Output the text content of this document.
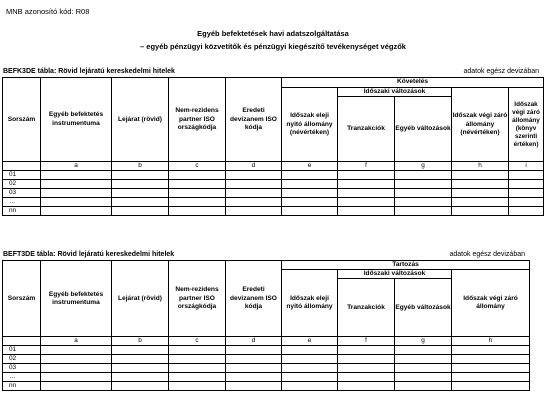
MNB azonosító kód: R08
Egyéb befektetések havi adatszolgáltatása
– egyéb pénzügyi közvetítők és pénzügyi kiegészítő tevékenységet végzők
BEFK3DE tábla: Rövid lejáratú kereskedelmi hitelek	adatok egész devizában
Sorszám	Egyéb befektetés instrumentuma	Lejárat (rövid)	Nem-rezidens partner ISO országkódja	Eredeti devizanem ISO kódja	Követelés				
					Időszak eleji nyitó állomány (névértéken)	Időszaki változások		Időszak végi záró állomány (névértéken)	Időszak végi záró állomány (könyv szerinti értéken)
						Tranzakciók	Egyéb változások		
	a	b	c	d	e	f	g	h	i
01									
02									
03									
…									
nn									
BEFT3DE tábla: Rövid lejáratú kereskedelmi hitelek	adatok egész devizában
Sorszám	Egyéb befektetés instrumentuma	Lejárat (rövid)	Nem-rezidens partner ISO országkódja	Eredeti devizanem ISO kódja	Tartozás			
					Időszak eleji nyitó állomány	Időszaki változások		Időszak végi záró állomány
						Tranzakciók	Egyéb változások	
	a	b	c	d	e	f	g	h
01								
02								
03								
…								
nn								
